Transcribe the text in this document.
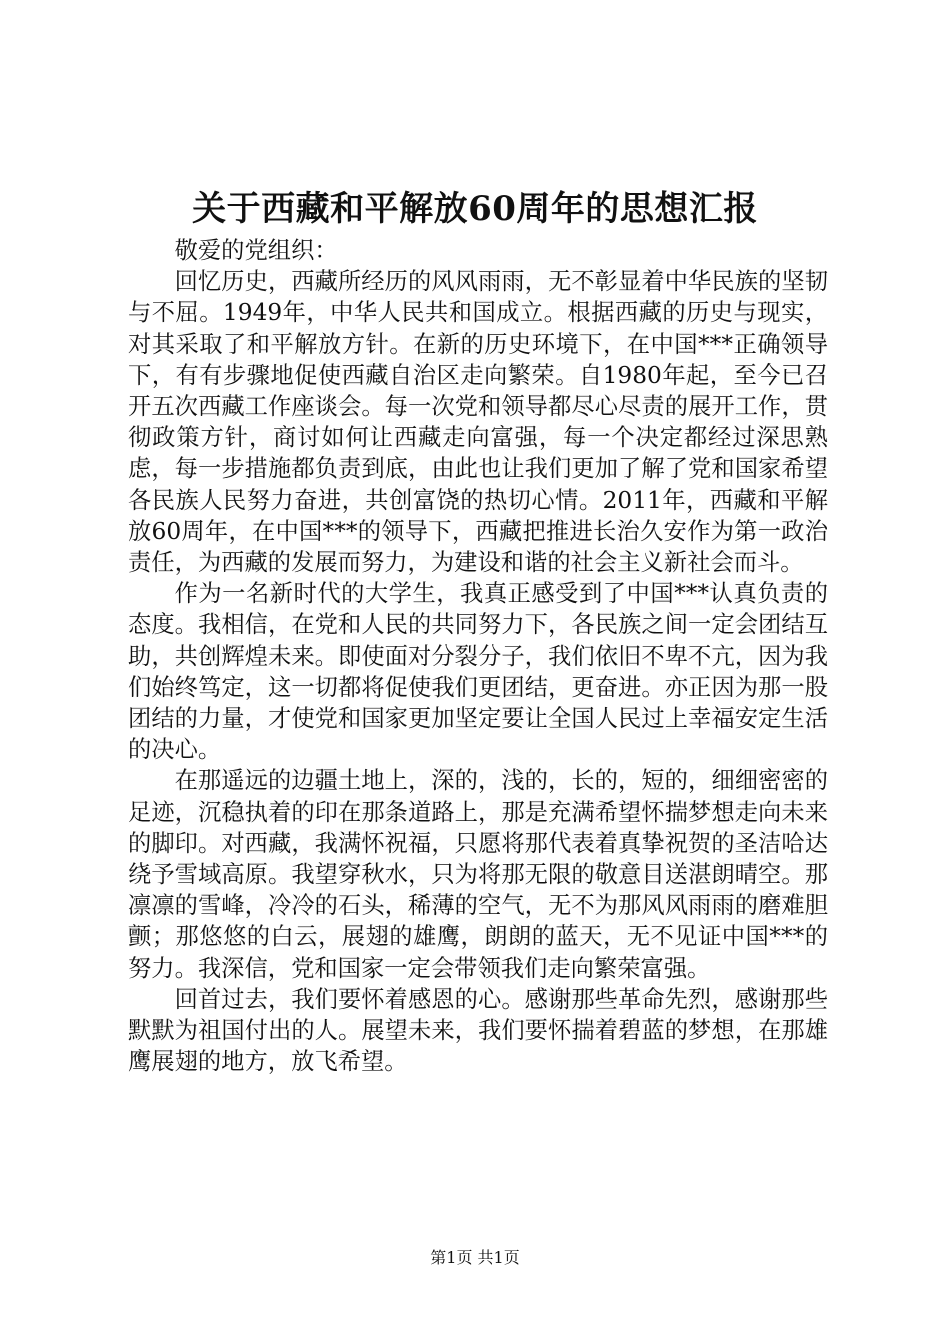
关于西藏和平解放60周年的思想汇报

敬爱的党组织：

回忆历史，西藏所经历的风风雨雨，无不彰显着中华民族的坚韧与不屈。1949年，中华人民共和国成立。根据西藏的历史与现实，对其采取了和平解放方针。在新的历史环境下，在中国***正确领导下，有有步骤地促使西藏自治区走向繁荣。自1980年起，至今已召开五次西藏工作座谈会。每一次党和领导都尽心尽责的展开工作，贯彻政策方针，商讨如何让西藏走向富强，每一个决定都经过深思熟虑，每一步措施都负责到底，由此也让我们更加了解了党和国家希望各民族人民努力奋进，共创富饶的热切心情。2011年，西藏和平解放60周年，在中国***的领导下，西藏把推进长治久安作为第一政治责任，为西藏的发展而努力，为建设和谐的社会主义新社会而斗。

作为一名新时代的大学生，我真正感受到了中国***认真负责的态度。我相信，在党和人民的共同努力下，各民族之间一定会团结互助，共创辉煌未来。即使面对分裂分子，我们依旧不卑不亢，因为我们始终笃定，这一切都将促使我们更团结，更奋进。亦正因为那一股团结的力量，才使党和国家更加坚定要让全国人民过上幸福安定生活的决心。

在那遥远的边疆土地上，深的，浅的，长的，短的，细细密密的足迹，沉稳执着的印在那条道路上，那是充满希望怀揣梦想走向未来的脚印。对西藏，我满怀祝福，只愿将那代表着真挚祝贺的圣洁哈达绕予雪域高原。我望穿秋水，只为将那无限的敬意目送湛朗晴空。那凛凛的雪峰，冷冷的石头，稀薄的空气，无不为那风风雨雨的磨难胆颤；那悠悠的白云，展翅的雄鹰，朗朗的蓝天，无不见证中国***的努力。我深信，党和国家一定会带领我们走向繁荣富强。

回首过去，我们要怀着感恩的心。感谢那些革命先烈，感谢那些默默为祖国付出的人。展望未来，我们要怀揣着碧蓝的梦想，在那雄鹰展翅的地方，放飞希望。

第1页 共1页
